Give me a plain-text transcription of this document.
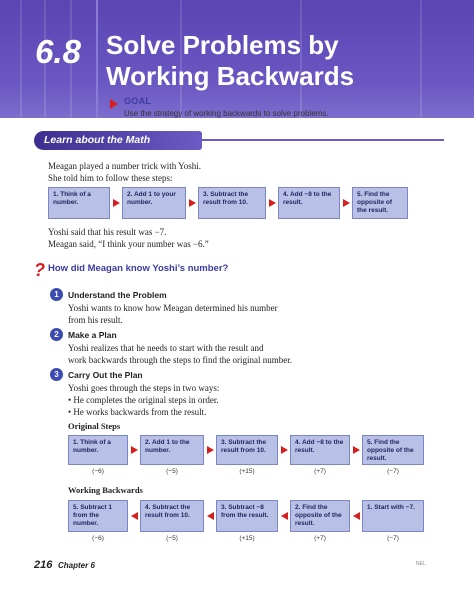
6.8 Solve Problems by
Working Backwards
GOAL
Use the strategy of working backwards to solve problems.
Learn about the Math
Meagan played a number trick with Yoshi.
She told him to follow these steps:
1. Think of a number.
2. Add 1 to your number.
3. Subtract the result from 10.
4. Add −8 to the result.
5. Find the opposite of the result.
Yoshi said that his result was −7.
Meagan said, “I think your number was −6.”
? How did Meagan know Yoshi’s number?
1	Understand the Problem
Yoshi wants to know how Meagan determined his number
from his result.
2	Make a Plan
Yoshi realizes that he needs to start with the result and
work backwards through the steps to find the original number.
3	Carry Out the Plan
Yoshi goes through the steps in two ways:
• He completes the original steps in order.
• He works backwards from the result.
Original Steps
1. Think of a number.
2. Add 1 to the number.
3. Subtract the result from 10.
4. Add −8 to the result.
5. Find the opposite of the result.
(−6)	(−5)	(+15)	(+7)	(−7)
Working Backwards
5. Subtract 1 from the number.
4. Subtract the result from 10.
3. Subtract −8 from the result.
2. Find the opposite of the result.
1. Start with −7.
(−6)	(−5)	(+15)	(+7)	(−7)
216 Chapter 6	NEL
